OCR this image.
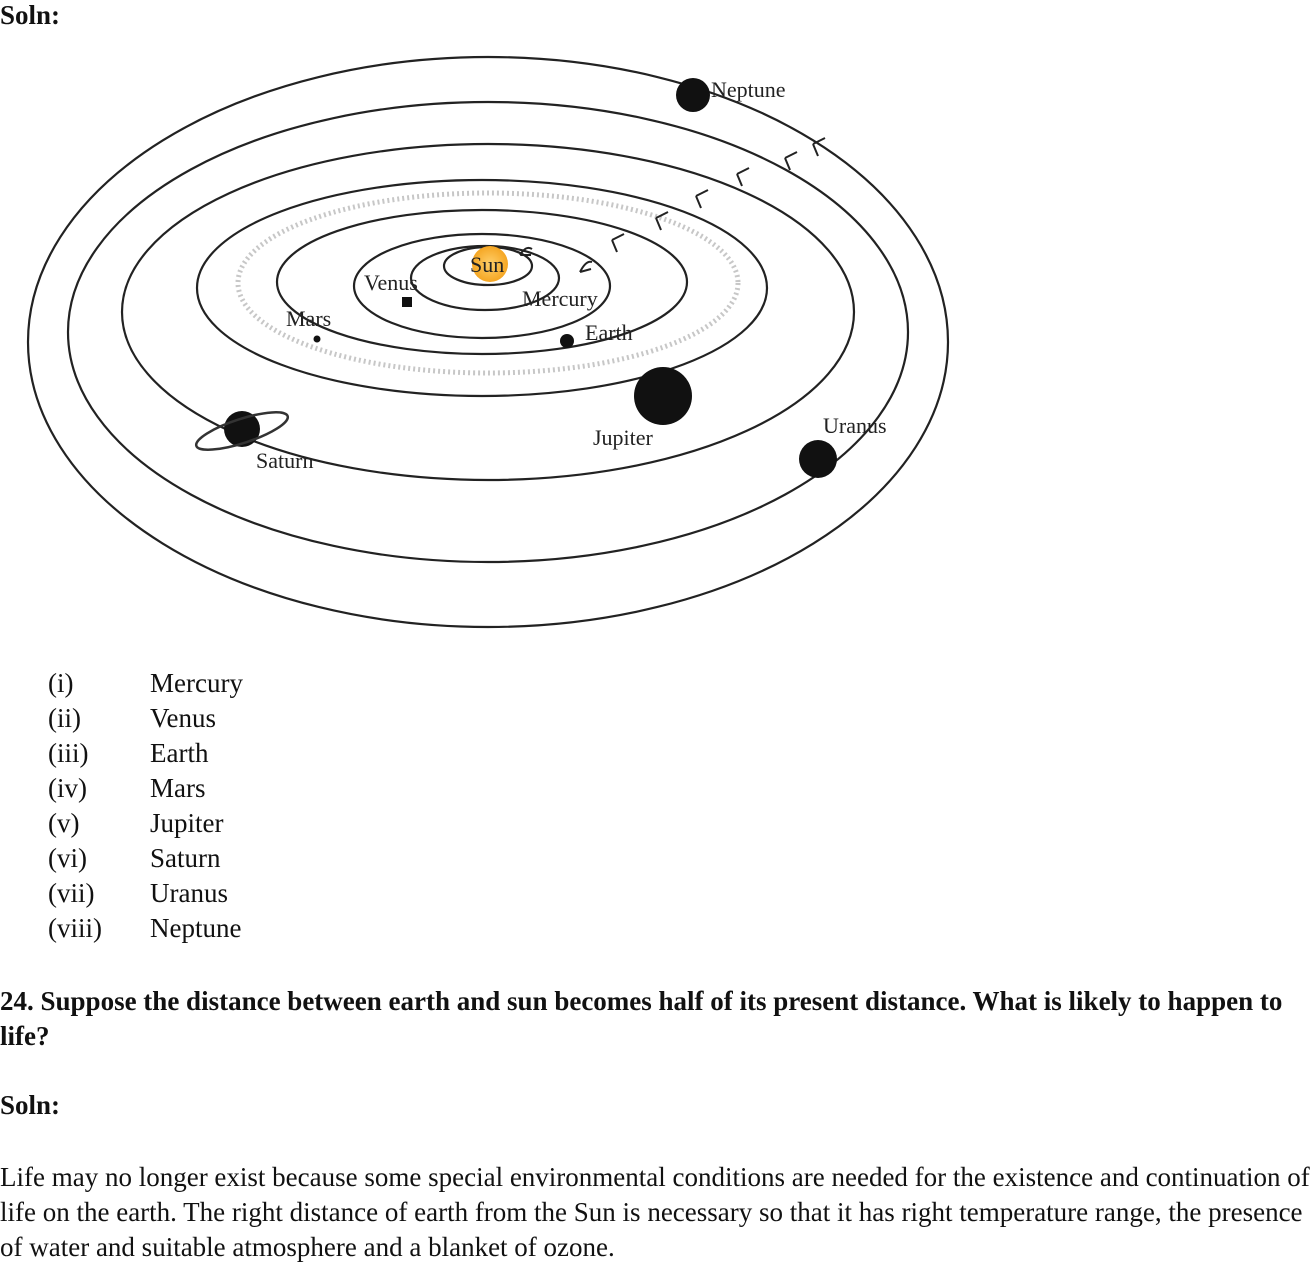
Soln:

Sun
Venus
Mercury
Earth
Mars
Jupiter
Saturn
Uranus
Neptune
(i)	Mercury
(ii)	Venus
(iii) Earth
(iv) Mars
(v)	Jupiter
(vi) Saturn
(vii) Uranus
(viii) Neptune

24. Suppose the distance between earth and sun becomes half of its present distance. What is likely to happen to life?

Soln:

Life may no longer exist because some special environmental conditions are needed for the existence and continuation of life on the earth. The right distance of earth from the Sun is necessary so that it has right temperature range, the presence of water and suitable atmosphere and a blanket of ozone.
